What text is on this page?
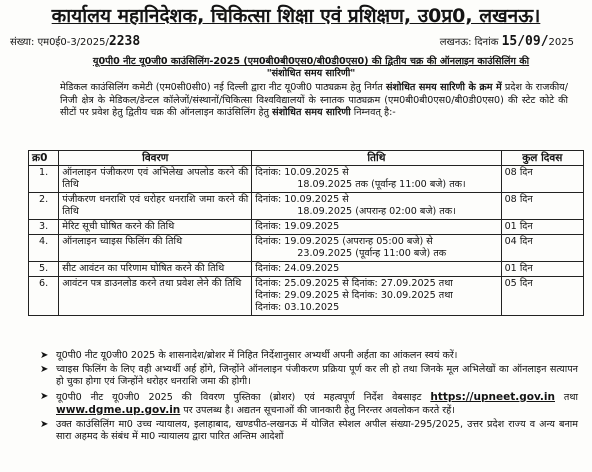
कार्यालय महानिदेशक, चिकित्सा शिक्षा एवं प्रशिक्षण, उ0प्र0, लखनऊ।
संख्या: एम0ई0-3/2025/2238	लखनऊ: दिनांक 15/09/2025
यू0पी0 नीट यू0जी0 काउंसिलिंग-2025 (एम0बी0बी0एस0/बी0डी0एस0) की द्वितीय चक्र की ऑनलाइन काउंसिलिंग की
"संशोधित समय सारिणी"
मेडिकल काउंसिलिंग कमेटी (एम0सी0सी0) नई दिल्ली द्वारा नीट यू0जी0 पाठ्यक्रम हेतु निर्गत संशोधित समय सारिणी के क्रम में प्रदेश के राजकीय/निजी क्षेत्र के मेडिकल/डेन्टल कॉलेजों/संस्थानों/चिकित्सा विश्वविद्यालयों के स्नातक पाठ्यक्रम (एम0बी0बी0एस0/बी0डी0एस0) की स्टेट कोटे की सीटों पर प्रवेश हेतु द्वितीय चक्र की ऑनलाइन काउंसिलिंग हेतु संशोधित समय सारिणी निम्नवत् है:-
क्र0	विवरण	तिथि	कुल दिवस
1.	ऑनलाइन पंजीकरण एवं अभिलेख अपलोड करने की तिथि	दिनांक: 10.09.2025 से
18.09.2025 तक (पूर्वान्ह 11:00 बजे) तक।	08 दिन
2.	पंजीकरण धनराशि एवं धरोहर धनराशि जमा करने की तिथि	दिनांक: 10.09.2025 से
18.09.2025 (अपरान्ह 02:00 बजे) तक।	08 दिन
3.	मेरिट सूची घोषित करने की तिथि	दिनांक: 19.09.2025	01 दिन
4.	ऑनलाइन च्वाइस फिलिंग की तिथि	दिनांक: 19.09.2025 (अपरान्ह 05:00 बजे) से
23.09.2025 (पूर्वान्ह 11:00 बजे) तक	04 दिन
5.	सीट आवंटन का परिणाम घोषित करने की तिथि	दिनांक: 24.09.2025	01 दिन
6.	आवंटन पत्र डाउनलोड करने तथा प्रवेश लेने की तिथि	दिनांक: 25.09.2025 से दिनांक: 27.09.2025 तथा
दिनांक: 29.09.2025 से दिनांक: 30.09.2025 तथा
दिनांक: 03.10.2025	05 दिन
➤ यू0पी0 नीट यू0जी0 2025 के शासनादेश/ब्रोशर में निहित निर्देशानुसार अभ्यर्थी अपनी अर्हता का आंकलन स्वयं करें।
➤ च्वाइस फिलिंग के लिए वही अभ्यर्थी अर्ह होंगे, जिन्होंने ऑनलाइन पंजीकरण प्रक्रिया पूर्ण कर ली हो तथा जिनके मूल अभिलेखों का ऑनलाइन सत्यापन हो चुका होगा एवं जिन्होंने धरोहर धनराशि जमा की होगी।
➤ यू0पी0 नीट यू0जी0 2025 की विवरण पुस्तिका (ब्रोशर) एवं महत्वपूर्ण निर्देश वेबसाइट https://upneet.gov.in तथा www.dgme.up.gov.in पर उपलब्ध है। अद्यतन सूचनाओं की जानकारी हेतु निरन्तर अवलोकन करते रहें।
➤ उक्त काउंसिलिंग मा0 उच्च न्यायालय, इलाहाबाद, खण्डपीठ-लखनऊ में योजित स्पेशल अपील संख्या-295/2025, उत्तर प्रदेश राज्य व अन्य बनाम सारा अहमद के संबंध में मा0 न्यायालय द्वारा पारित अन्तिम आदेशों
